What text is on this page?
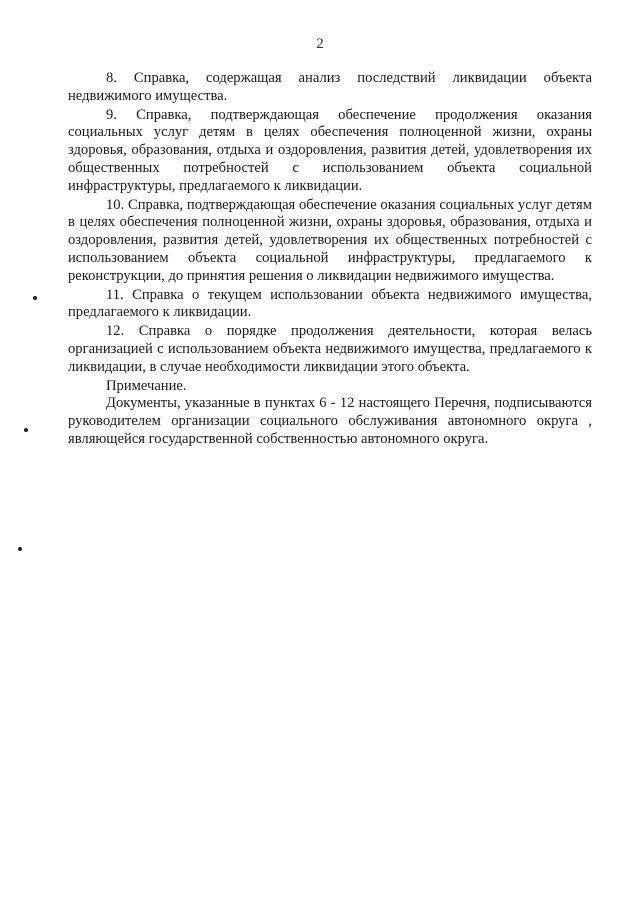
2

8. Справка, содержащая анализ последствий ликвидации объекта недвижимого имущества.

9. Справка, подтверждающая обеспечение продолжения оказания социальных услуг детям в целях обеспечения полноценной жизни, охраны здоровья, образования, отдыха и оздоровления, развития детей, удовлетворения их общественных потребностей с использованием объекта социальной инфраструктуры, предлагаемого к ликвидации.

10. Справка, подтверждающая обеспечение оказания социальных услуг детям в целях обеспечения полноценной жизни, охраны здоровья, образования, отдыха и оздоровления, развития детей, удовлетворения их общественных потребностей с использованием объекта социальной инфраструктуры, предлагаемого к реконструкции, до принятия решения о ликвидации недвижимого имущества.

11. Справка о текущем использовании объекта недвижимого имущества, предлагаемого к ликвидации.

12. Справка о порядке продолжения деятельности, которая велась организацией с использованием объекта недвижимого имущества, предлагаемого к ликвидации, в случае необходимости ликвидации этого объекта.

Примечание.

Документы, указанные в пунктах 6 - 12 настоящего Перечня, подписываются руководителем организации социального обслуживания автономного округа , являющейся государственной собственностью автономного округа.
